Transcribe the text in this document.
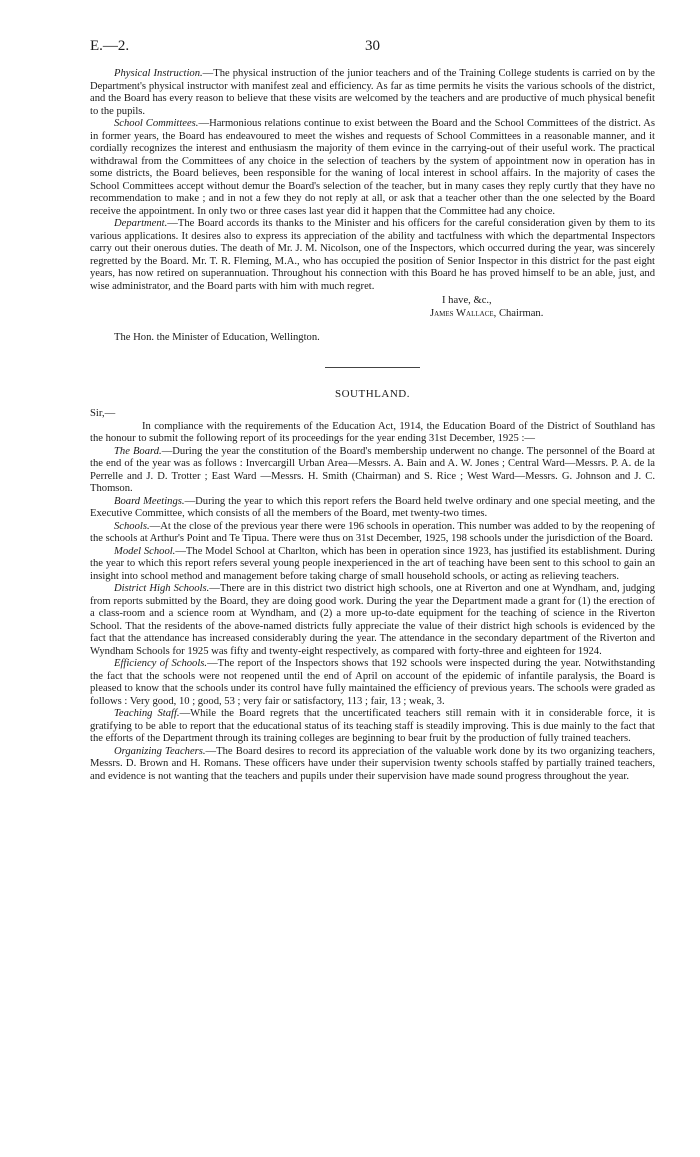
E.—2.	30

Physical Instruction.—The physical instruction of the junior teachers and of the Training College students is carried on by the Department's physical instructor with manifest zeal and efficiency. As far as time permits he visits the various schools of the district, and the Board has every reason to believe that these visits are welcomed by the teachers and are productive of much physical benefit to the pupils.

School Committees.—Harmonious relations continue to exist between the Board and the School Committees of the district. As in former years, the Board has endeavoured to meet the wishes and requests of School Committees in a reasonable manner, and it cordially recognizes the interest and enthusiasm the majority of them evince in the carrying-out of their useful work. The practical withdrawal from the Committees of any choice in the selection of teachers by the system of appointment now in operation has in some districts, the Board believes, been responsible for the waning of local interest in school affairs. In the majority of cases the School Committees accept without demur the Board's selection of the teacher, but in many cases they reply curtly that they have no recommendation to make ; and in not a few they do not reply at all, or ask that a teacher other than the one selected by the Board receive the appointment. In only two or three cases last year did it happen that the Committee had any choice.

Department.—The Board accords its thanks to the Minister and his officers for the careful consideration given by them to its various applications. It desires also to express its appreciation of the ability and tactfulness with which the departmental Inspectors carry out their onerous duties. The death of Mr. J. M. Nicolson, one of the Inspectors, which occurred during the year, was sincerely regretted by the Board. Mr. T. R. Fleming, M.A., who has occupied the position of Senior Inspector in this district for the past eight years, has now retired on superannuation. Throughout his connection with this Board he has proved himself to be an able, just, and wise administrator, and the Board parts with him with much regret.

I have, &c.,
James Wallace, Chairman.
The Hon. the Minister of Education, Wellington.
SOUTHLAND.

Sir,—

In compliance with the requirements of the Education Act, 1914, the Education Board of the District of Southland has the honour to submit the following report of its proceedings for the year ending 31st December, 1925 :—

The Board.—During the year the constitution of the Board's membership underwent no change. The personnel of the Board at the end of the year was as follows : Invercargill Urban Area—Messrs. A. Bain and A. W. Jones ; Central Ward—Messrs. P. A. de la Perrelle and J. D. Trotter ; East Ward —Messrs. H. Smith (Chairman) and S. Rice ; West Ward—Messrs. G. Johnson and J. C. Thomson.

Board Meetings.—During the year to which this report refers the Board held twelve ordinary and one special meeting, and the Executive Committee, which consists of all the members of the Board, met twenty-two times.

Schools.—At the close of the previous year there were 196 schools in operation. This number was added to by the reopening of the schools at Arthur's Point and Te Tipua. There were thus on 31st December, 1925, 198 schools under the jurisdiction of the Board.

Model School.—The Model School at Charlton, which has been in operation since 1923, has justified its establishment. During the year to which this report refers several young people inexperienced in the art of teaching have been sent to this school to gain an insight into school method and management before taking charge of small household schools, or acting as relieving teachers.

District High Schools.—There are in this district two district high schools, one at Riverton and one at Wyndham, and, judging from reports submitted by the Board, they are doing good work. During the year the Department made a grant for (1) the erection of a class-room and a science room at Wyndham, and (2) a more up-to-date equipment for the teaching of science in the Riverton School. That the residents of the above-named districts fully appreciate the value of their district high schools is evidenced by the fact that the attendance has increased considerably during the year. The attendance in the secondary department of the Riverton and Wyndham Schools for 1925 was fifty and twenty-eight respectively, as compared with forty-three and eighteen for 1924.

Efficiency of Schools.—The report of the Inspectors shows that 192 schools were inspected during the year. Notwithstanding the fact that the schools were not reopened until the end of April on account of the epidemic of infantile paralysis, the Board is pleased to know that the schools under its control have fully maintained the efficiency of previous years. The schools were graded as follows : Very good, 10 ; good, 53 ; very fair or satisfactory, 113 ; fair, 13 ; weak, 3.

Teaching Staff.—While the Board regrets that the uncertificated teachers still remain with it in considerable force, it is gratifying to be able to report that the educational status of its teaching staff is steadily improving. This is due mainly to the fact that the efforts of the Department through its training colleges are beginning to bear fruit by the production of fully trained teachers.

Organizing Teachers.—The Board desires to record its appreciation of the valuable work done by its two organizing teachers, Messrs. D. Brown and H. Romans. These officers have under their supervision twenty schools staffed by partially trained teachers, and evidence is not wanting that the teachers and pupils under their supervision have made sound progress throughout the year.
